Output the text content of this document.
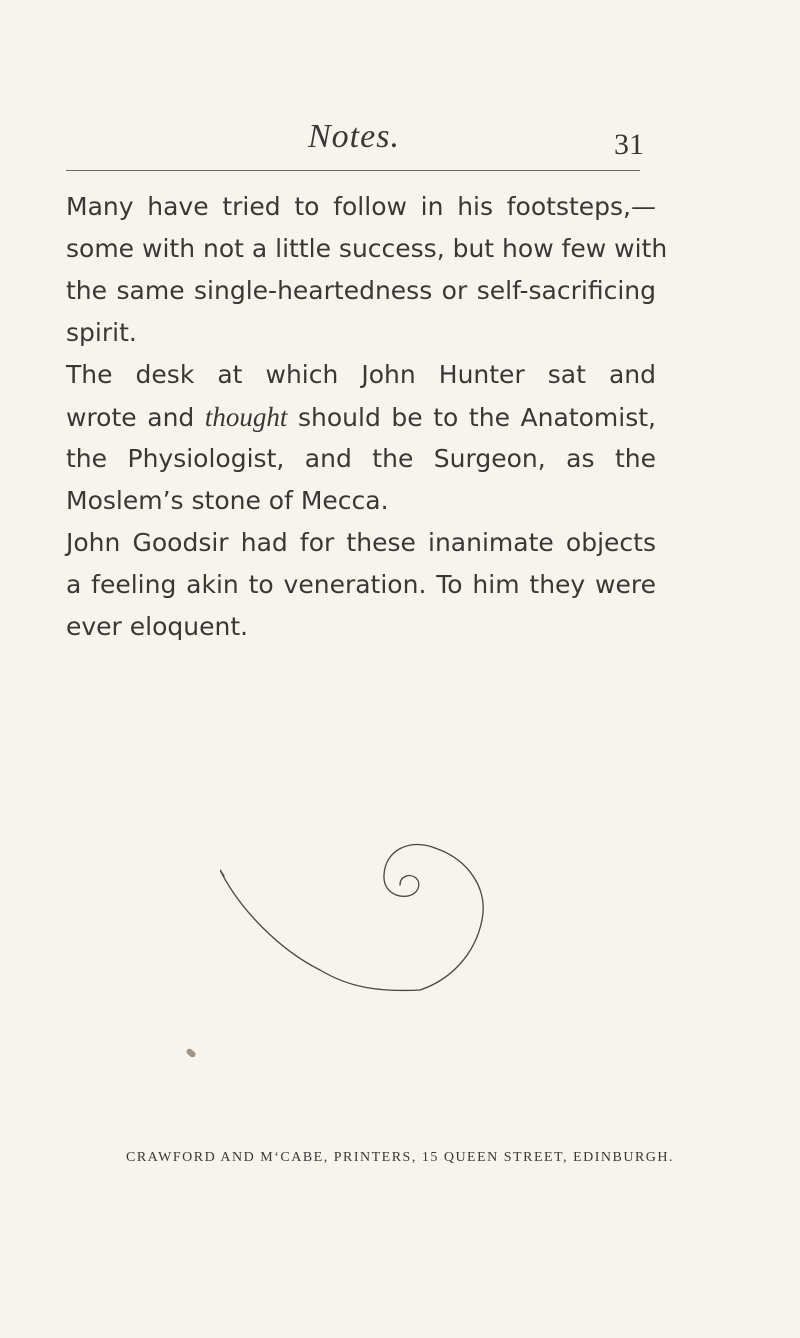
Notes.	31
Many have tried to follow in his footsteps,—
some with not a little success, but how few with
the same single-heartedness or self-sacrificing
spirit.
The desk at which John Hunter sat and
wrote and thought should be to the Anatomist,
the Physiologist, and the Surgeon, as the
Moslem’s stone of Mecca.
John Goodsir had for these inanimate objects
a feeling akin to veneration. To him they were
ever eloquent.
CRAWFORD AND M‘CABE, PRINTERS, 15 QUEEN STREET, EDINBURGH.
